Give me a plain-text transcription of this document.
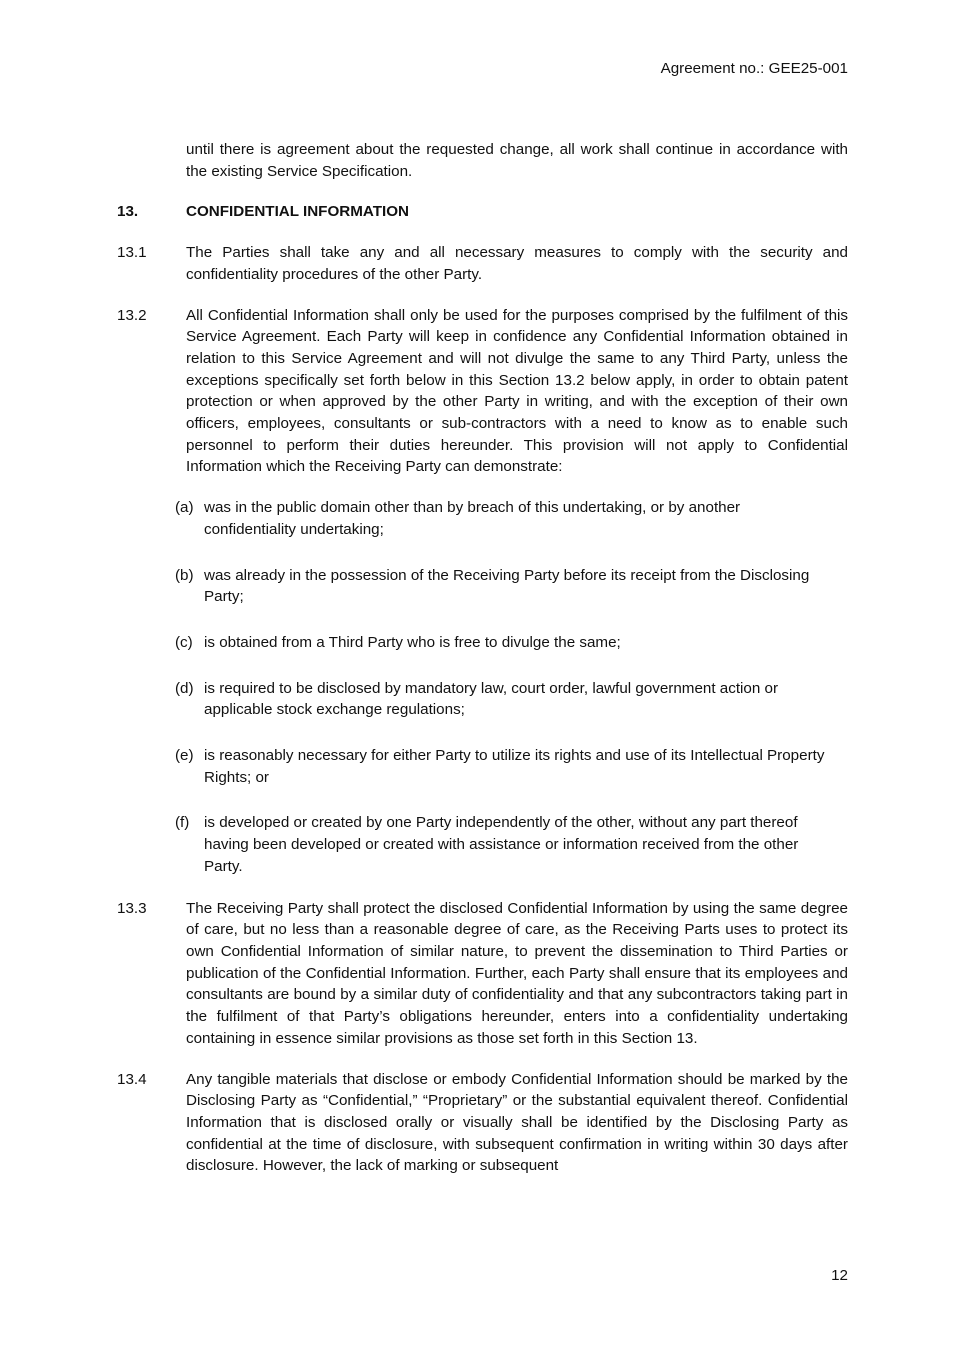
Agreement no.: GEE25-001
until there is agreement about the requested change, all work shall continue in accordance with the existing Service Specification.
13.	CONFIDENTIAL INFORMATION
13.1	The Parties shall take any and all necessary measures to comply with the security and confidentiality procedures of the other Party.
13.2	All Confidential Information shall only be used for the purposes comprised by the fulfilment of this Service Agreement. Each Party will keep in confidence any Confidential Information obtained in relation to this Service Agreement and will not divulge the same to any Third Party, unless the exceptions specifically set forth below in this Section 13.2 below apply, in order to obtain patent protection or when approved by the other Party in writing, and with the exception of their own officers, employees, consultants or sub-contractors with a need to know as to enable such personnel to perform their duties hereunder. This provision will not apply to Confidential Information which the Receiving Party can demonstrate:
(a) was in the public domain other than by breach of this undertaking, or by another confidentiality undertaking;
(b) was already in the possession of the Receiving Party before its receipt from the Disclosing Party;
(c) is obtained from a Third Party who is free to divulge the same;
(d) is required to be disclosed by mandatory law, court order, lawful government action or applicable stock exchange regulations;
(e) is reasonably necessary for either Party to utilize its rights and use of its Intellectual Property Rights; or
(f) is developed or created by one Party independently of the other, without any part thereof having been developed or created with assistance or information received from the other Party.
13.3	The Receiving Party shall protect the disclosed Confidential Information by using the same degree of care, but no less than a reasonable degree of care, as the Receiving Parts uses to protect its own Confidential Information of similar nature, to prevent the dissemination to Third Parties or publication of the Confidential Information. Further, each Party shall ensure that its employees and consultants are bound by a similar duty of confidentiality and that any subcontractors taking part in the fulfilment of that Party’s obligations hereunder, enters into a confidentiality undertaking containing in essence similar provisions as those set forth in this Section 13.
13.4	Any tangible materials that disclose or embody Confidential Information should be marked by the Disclosing Party as “Confidential,” “Proprietary” or the substantial equivalent thereof. Confidential Information that is disclosed orally or visually shall be identified by the Disclosing Party as confidential at the time of disclosure, with subsequent confirmation in writing within 30 days after disclosure. However, the lack of marking or subsequent
12
